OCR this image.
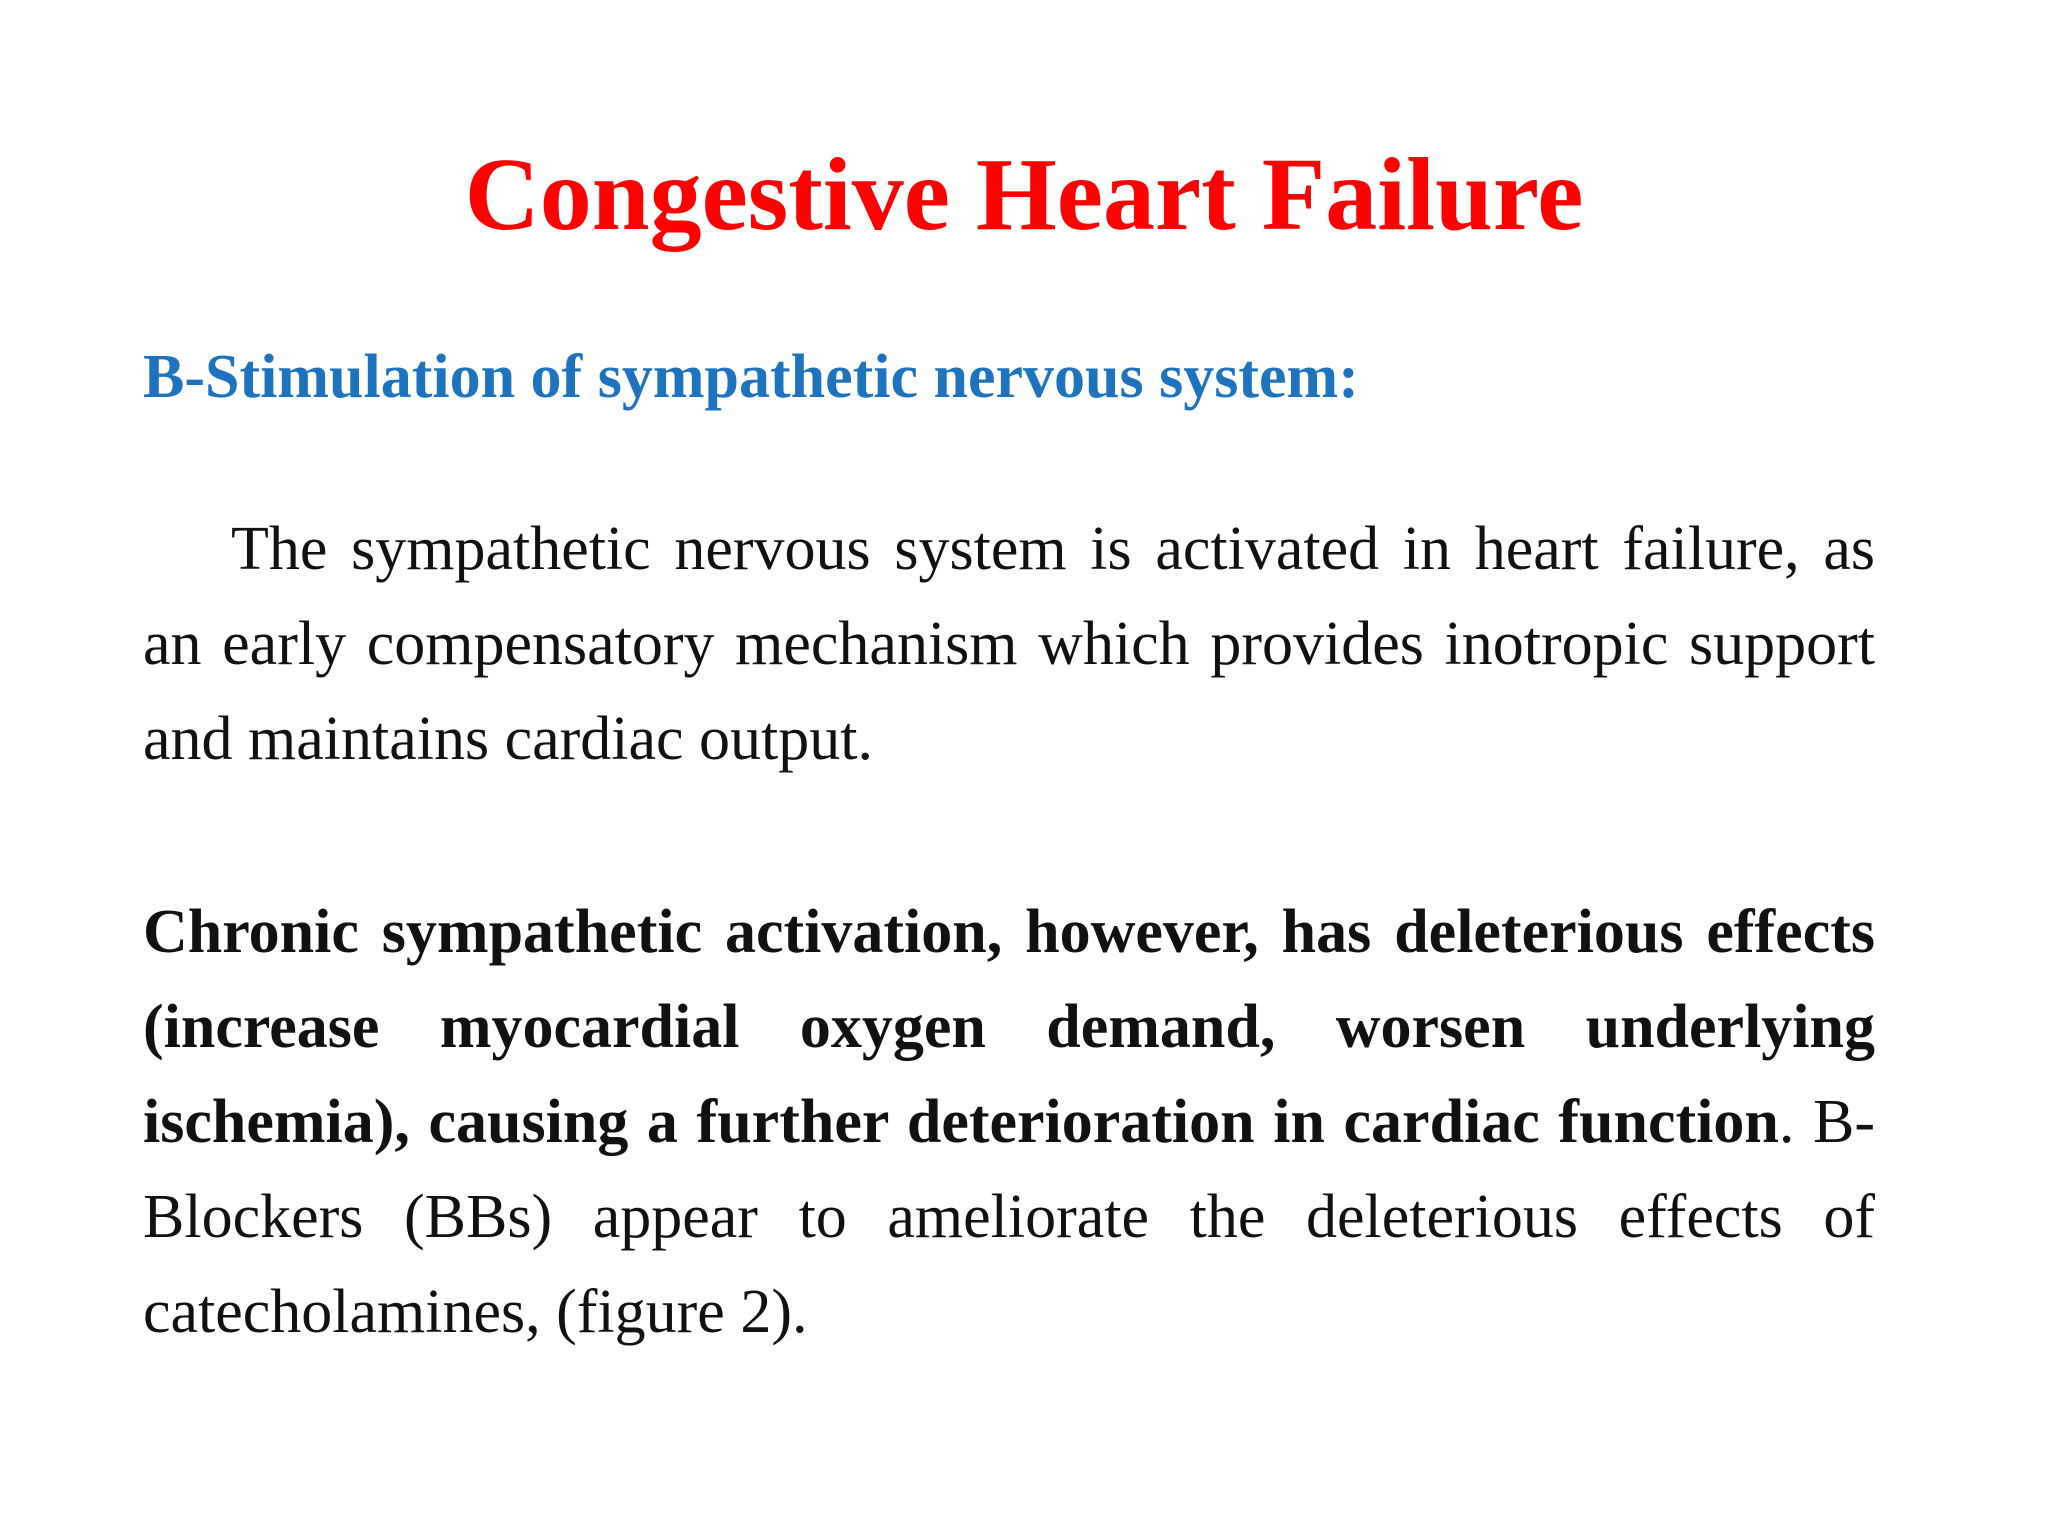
Congestive Heart Failure
B-Stimulation of sympathetic nervous system:

The sympathetic nervous system is activated in heart failure, as an early compensatory mechanism which provides inotropic support and maintains cardiac output.

Chronic sympathetic activation, however, has deleterious effects (increase myocardial oxygen demand, worsen underlying ischemia), causing a further deterioration in cardiac function. B-Blockers (BBs) appear to ameliorate the deleterious effects of catecholamines, (figure 2).
